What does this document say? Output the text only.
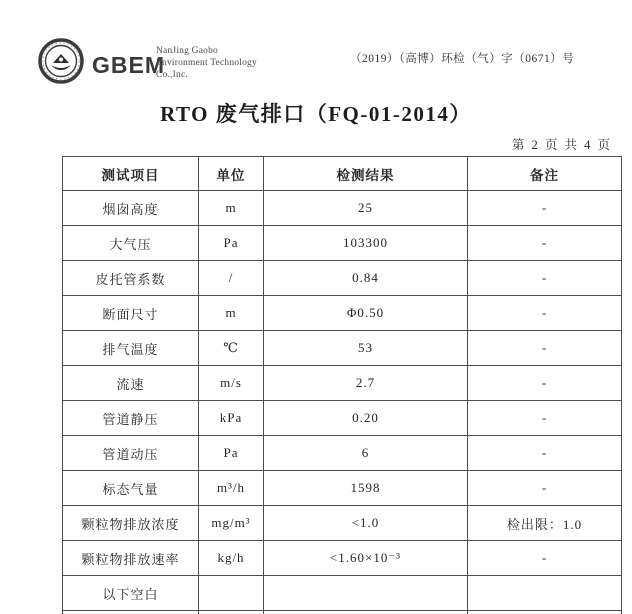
GBEM
NanJing Gaobo
Environment Technology
Co.,Inc.
（2019）（高博）环检（气）字（0671）号
RTO 废气排口（FQ-01-2014）
第 2 页 共 4 页
测试项目	单位	检测结果	备注
烟囱高度	m	25	-
大气压	Pa	103300	-
皮托管系数	/	0.84	-
断面尺寸	m	Φ0.50	-
排气温度	℃	53	-
流速	m/s	2.7	-
管道静压	kPa	0.20	-
管道动压	Pa	6	-
标态气量	m³/h	1598	-
颗粒物排放浓度	mg/m³	<1.0	检出限：1.0
颗粒物排放速率	kg/h	<1.60×10⁻³	-
以下空白			
